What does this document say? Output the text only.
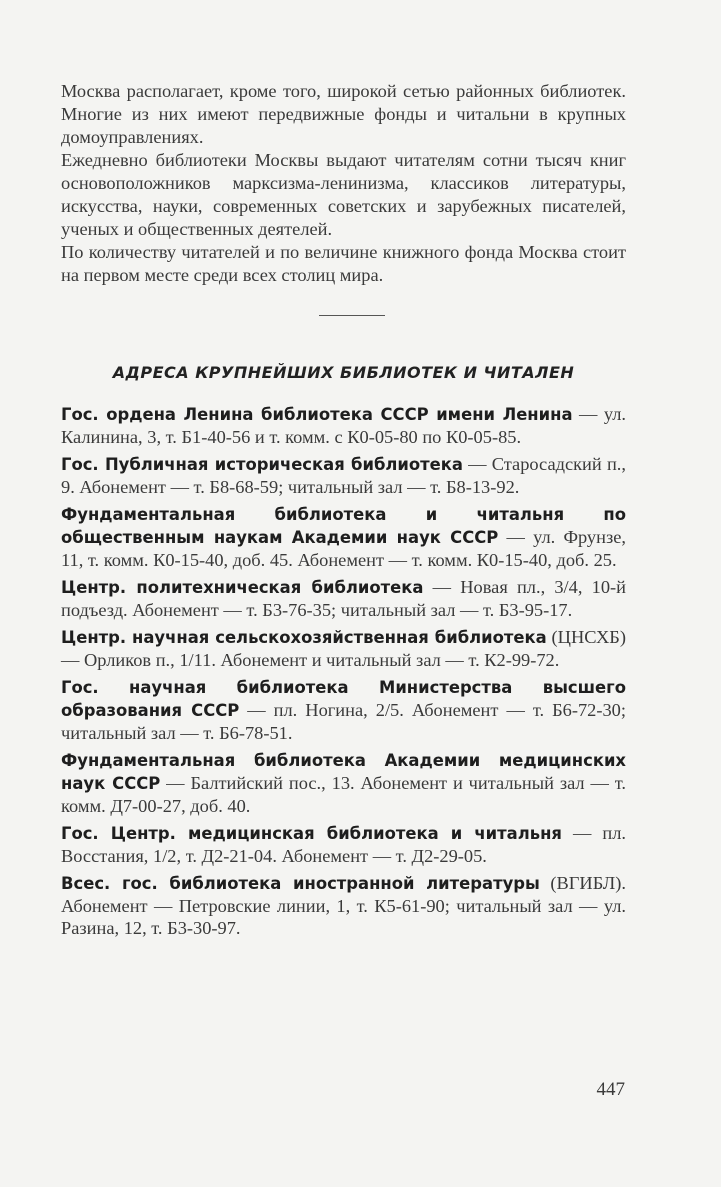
Москва располагает, кроме того, широкой сетью районных библиотек. Многие из них имеют передвижные фонды и читальни в крупных домоуправлениях.

Ежедневно библиотеки Москвы выдают читателям сотни тысяч книг основоположников марксизма-ленинизма, классиков литературы, искусства, науки, современных советских и зарубежных писателей, ученых и общественных деятелей.

По количеству читателей и по величине книжного фонда Москва стоит на первом месте среди всех столиц мира.

АДРЕСА КРУПНЕЙШИХ БИБЛИОТЕК И ЧИТАЛЕН

Гос. ордена Ленина библиотека СССР имени Ленина — ул. Калинина, 3, т. Б1-40-56 и т. комм. с К0-05-80 по К0-05-85.

Гос. Публичная историческая библиотека — Старосадский п., 9. Абонемент — т. Б8-68-59; читальный зал — т. Б8-13-92.

Фундаментальная библиотека и читальня по общественным наукам Академии наук СССР — ул. Фрунзе, 11, т. комм. К0-15-40, доб. 45. Абонемент — т. комм. К0-15-40, доб. 25.

Центр. политехническая библиотека — Новая пл., 3/4, 10-й подъезд. Абонемент — т. Б3-76-35; читальный зал — т. Б3-95-17.

Центр. научная сельскохозяйственная библиотека (ЦНСХБ) — Орликов п., 1/11. Абонемент и читальный зал — т. К2-99-72.

Гос. научная библиотека Министерства высшего образования СССР — пл. Ногина, 2/5. Абонемент — т. Б6-72-30; читальный зал — т. Б6-78-51.

Фундаментальная библиотека Академии медицинских наук СССР — Балтийский пос., 13. Абонемент и читальный зал — т. комм. Д7-00-27, доб. 40.

Гос. Центр. медицинская библиотека и читальня — пл. Восстания, 1/2, т. Д2-21-04. Абонемент — т. Д2-29-05.

Всес. гос. библиотека иностранной литературы (ВГИБЛ). Абонемент — Петровские линии, 1, т. К5-61-90; читальный зал — ул. Разина, 12, т. Б3-30-97.

447
